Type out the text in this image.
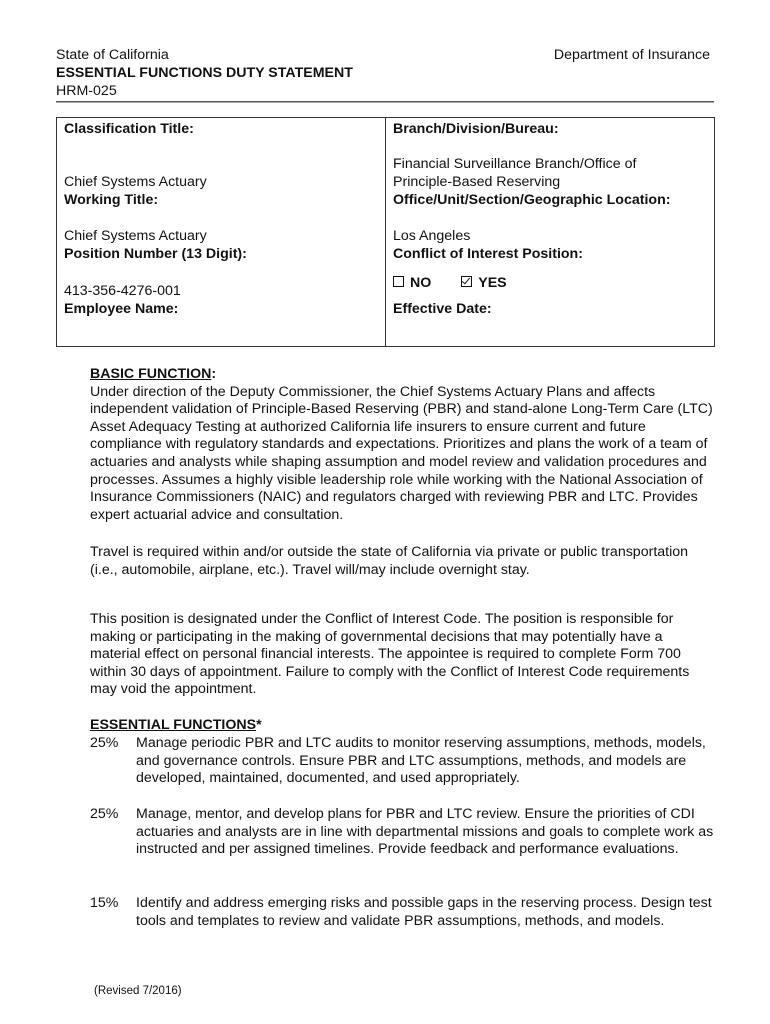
State of California	Department of Insurance
ESSENTIAL FUNCTIONS DUTY STATEMENT
HRM-025
Classification Title:
Chief Systems Actuary
Working Title:
Chief Systems Actuary
Position Number (13 Digit):
413-356-4276-001
Employee Name:
Branch/Division/Bureau:
Financial Surveillance Branch/Office of
Principle-Based Reserving
Office/Unit/Section/Geographic Location:
Los Angeles
Conflict of Interest Position:
NO	YES
Effective Date:
BASIC FUNCTION:
Under direction of the Deputy Commissioner, the Chief Systems Actuary Plans and affects independent validation of Principle-Based Reserving (PBR) and stand-alone Long-Term Care (LTC) Asset Adequacy Testing at authorized California life insurers to ensure current and future compliance with regulatory standards and expectations. Prioritizes and plans the work of a team of actuaries and analysts while shaping assumption and model review and validation procedures and processes. Assumes a highly visible leadership role while working with the National Association of Insurance Commissioners (NAIC) and regulators charged with reviewing PBR and LTC. Provides expert actuarial advice and consultation.
Travel is required within and/or outside the state of California via private or public transportation (i.e., automobile, airplane, etc.). Travel will/may include overnight stay.
This position is designated under the Conflict of Interest Code. The position is responsible for making or participating in the making of governmental decisions that may potentially have a material effect on personal financial interests. The appointee is required to complete Form 700 within 30 days of appointment. Failure to comply with the Conflict of Interest Code requirements may void the appointment.
ESSENTIAL FUNCTIONS*
25% Manage periodic PBR and LTC audits to monitor reserving assumptions, methods, models, and governance controls. Ensure PBR and LTC assumptions, methods, and models are developed, maintained, documented, and used appropriately.
25% Manage, mentor, and develop plans for PBR and LTC review. Ensure the priorities of CDI actuaries and analysts are in line with departmental missions and goals to complete work as instructed and per assigned timelines. Provide feedback and performance evaluations.
15% Identify and address emerging risks and possible gaps in the reserving process. Design test tools and templates to review and validate PBR assumptions, methods, and models.
(Revised 7/2016)
